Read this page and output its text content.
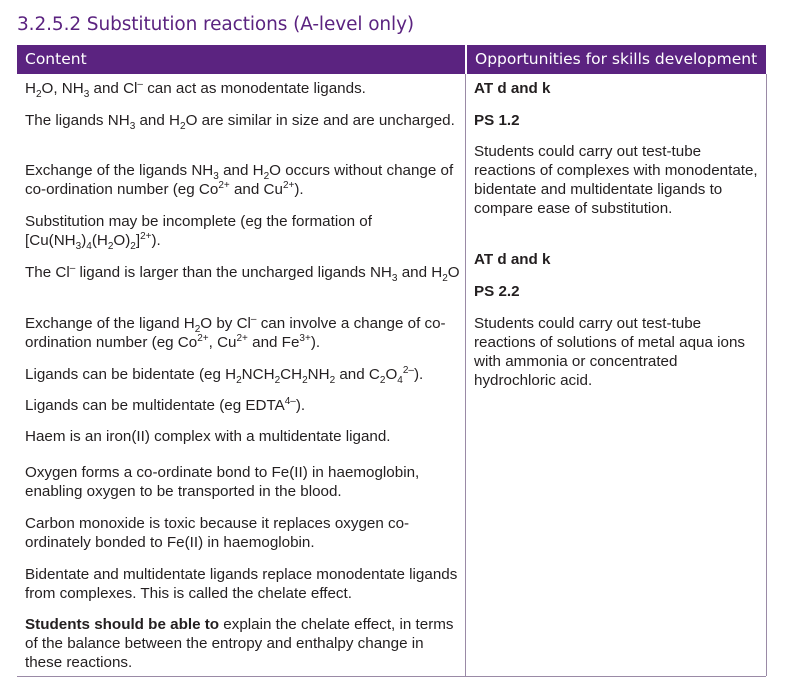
3.2.5.2 Substitution reactions (A-level only)
Content	Opportunities for skills development

$H_2O$, $NH_3$ and Cl– can act as monodentate ligands.

The ligands $NH_3$ and $H_2O$ are similar in size and are uncharged.

Exchange of the ligands $NH_3$ and $H_2O$ occurs without change of co-ordination number (eg $Co^{2+}$ and $Cu^{2+}$).

Substitution may be incomplete (eg the formation of $[Cu(NH_3)_4(H_2O)_2]^{2+}$).

The Cl– ligand is larger than the uncharged ligands $NH_3$ and $H_2O$

Exchange of the ligand $H_2O$ by Cl– can involve a change of co-ordination number (eg $Co^{2+}$, $Cu^{2+}$ and $Fe^{3+}$).

Ligands can be bidentate (eg $H_2NCH_2CH_2NH_2$ and $C_2O_4^{2-}$).

Ligands can be multidentate (eg $EDTA^{4-}$).

Haem is an iron(II) complex with a multidentate ligand.

Oxygen forms a co-ordinate bond to Fe(II) in haemoglobin, enabling oxygen to be transported in the blood.

Carbon monoxide is toxic because it replaces oxygen co-ordinately bonded to Fe(II) in haemoglobin.

Bidentate and multidentate ligands replace monodentate ligands from complexes. This is called the chelate effect.

Students should be able to explain the chelate effect, in terms of the balance between the entropy and enthalpy change in these reactions.

AT d and k

PS 1.2

Students could carry out test-tube reactions of complexes with monodentate, bidentate and multidentate ligands to compare ease of substitution.

AT d and k

PS 2.2

Students could carry out test-tube reactions of solutions of metal aqua ions with ammonia or concentrated hydrochloric acid.
